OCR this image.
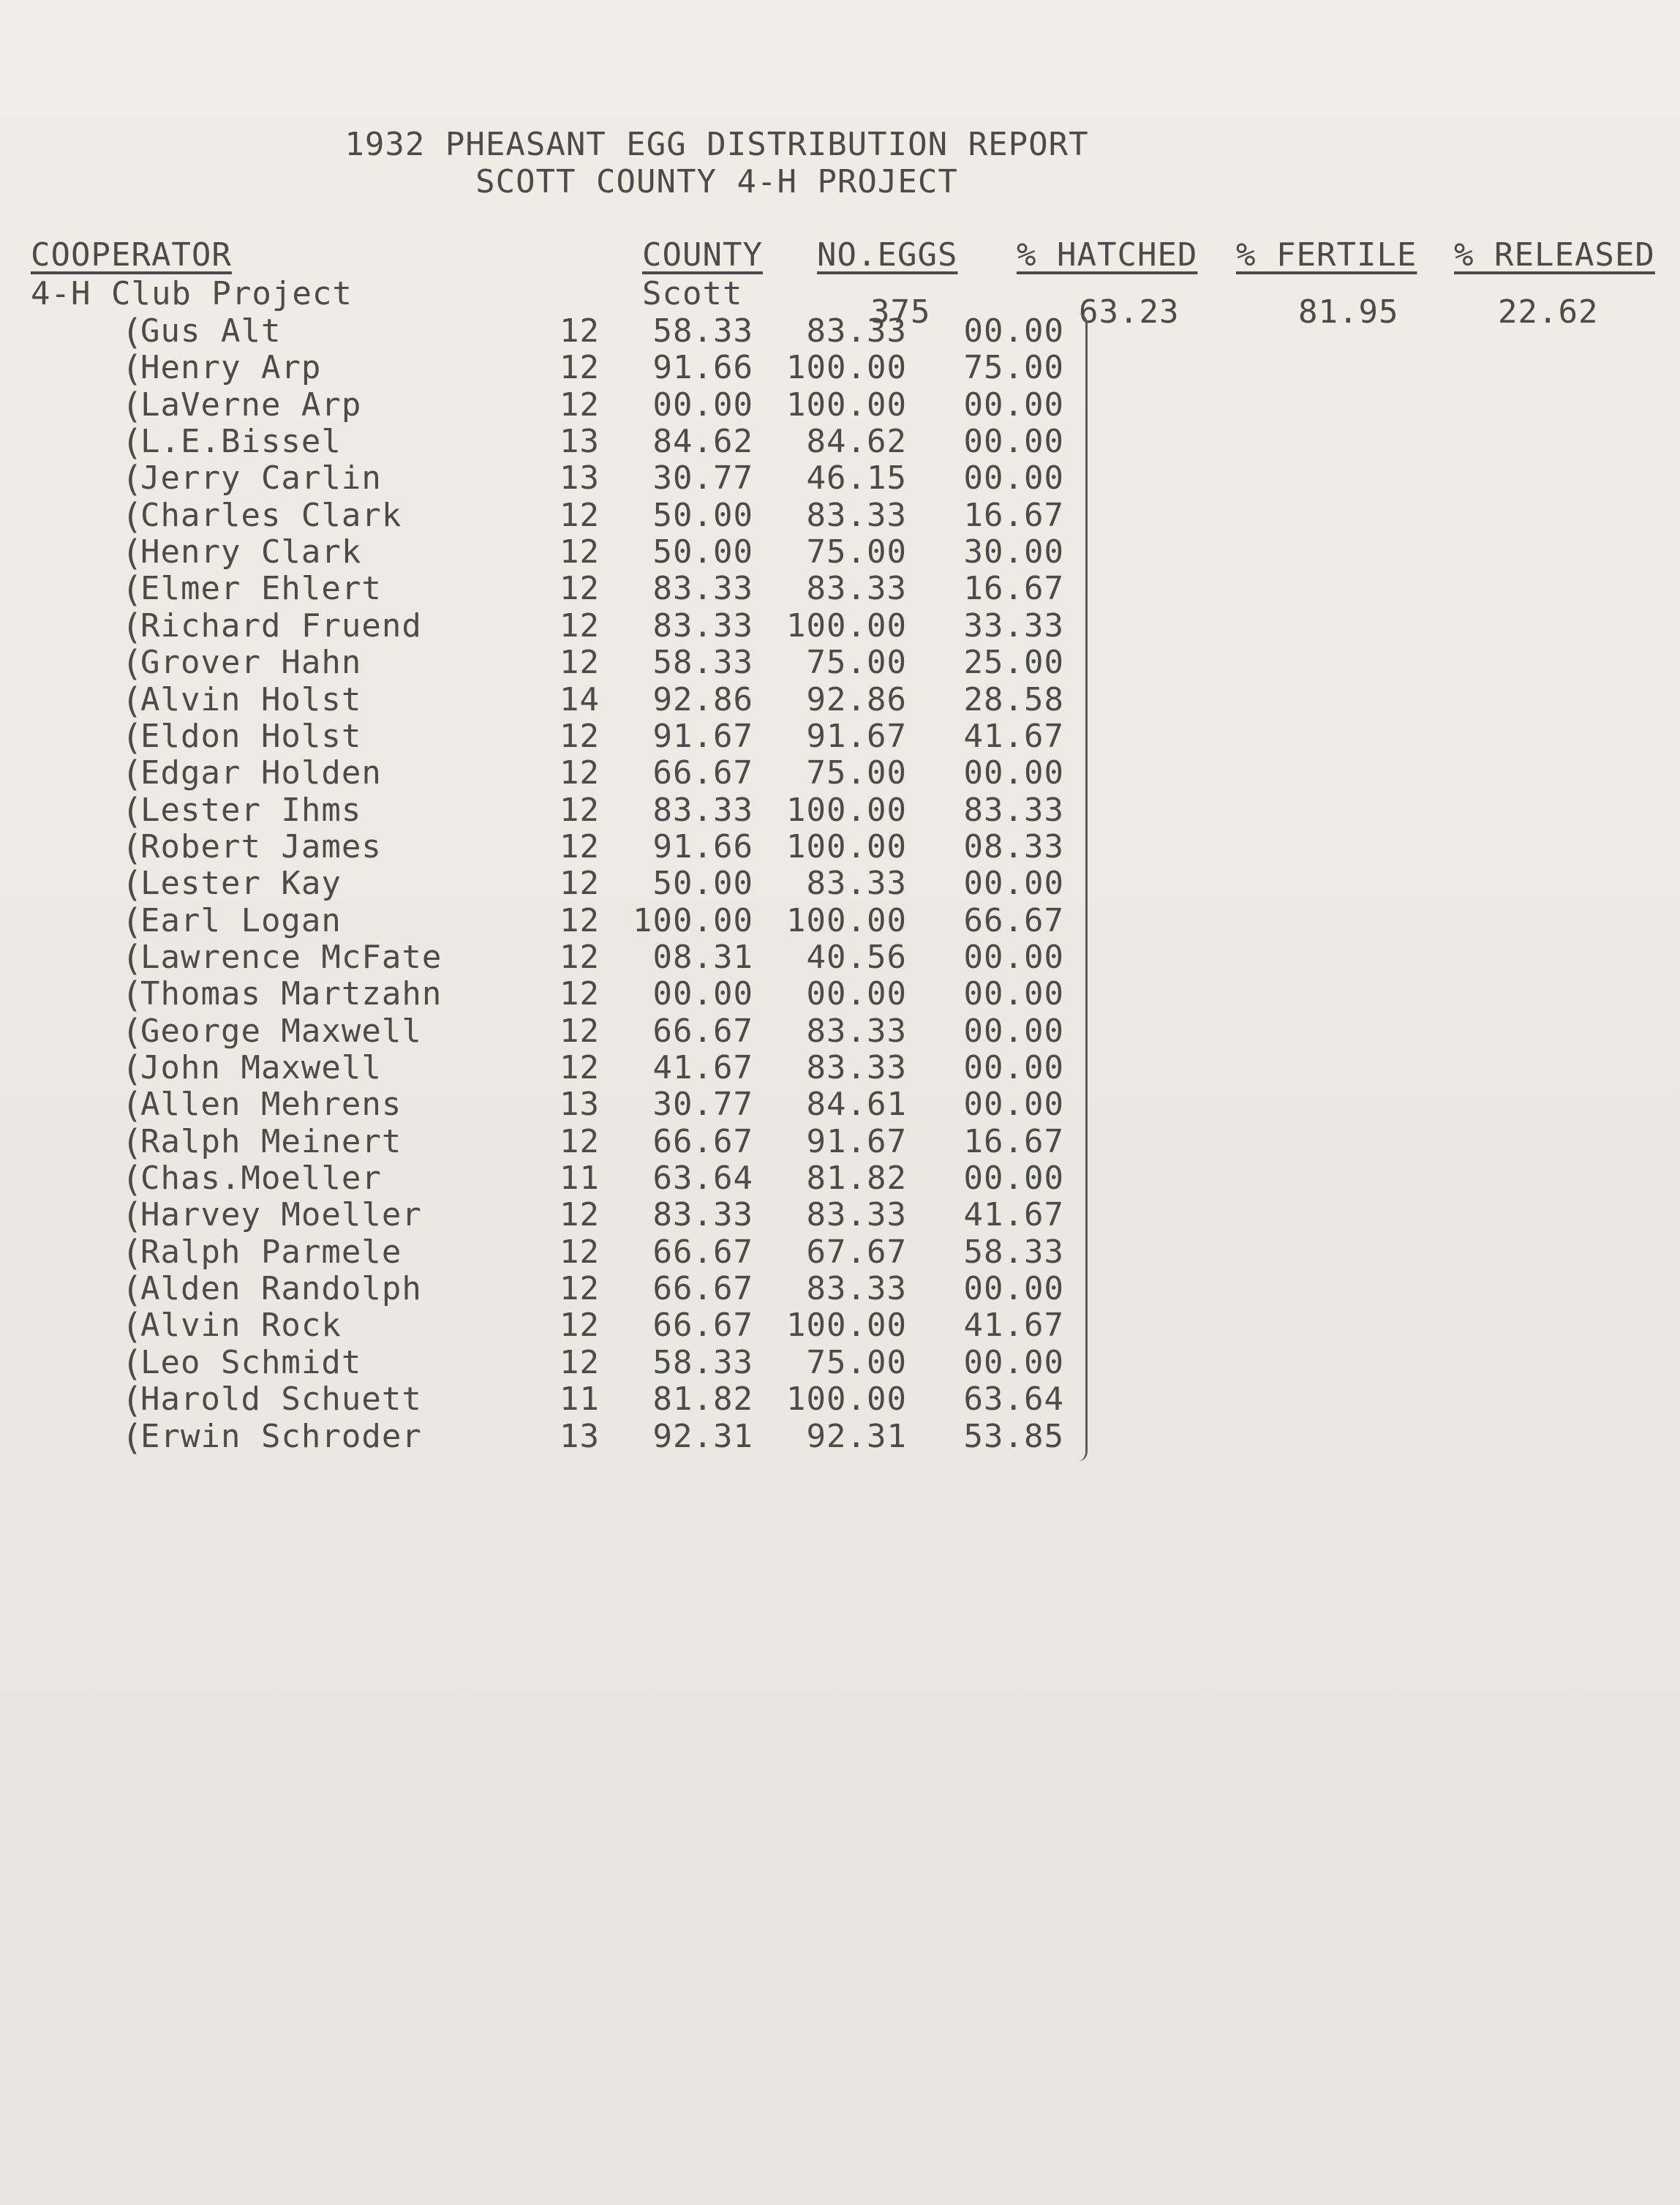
1932 PHEASANT EGG DISTRIBUTION REPORT
SCOTT COUNTY 4-H PROJECT
COOPERATOR	COUNTY NO.EGGS % HATCHED % FERTILE % RELEASED
4-H Club Project	Scott	375	63.23	81.95	22.62
(
Gus Alt	12	58.33	83.33	00.00
(
Henry Arp	12	91.66	100.00	75.00
(
LaVerne Arp	12	00.00	100.00	00.00
(
L.E.Bissel	13	84.62	84.62	00.00
(
Jerry Carlin	13	30.77	46.15	00.00
(
Charles Clark	12	50.00	83.33	16.67
(
Henry Clark	12	50.00	75.00	30.00
(
Elmer Ehlert	12	83.33	83.33	16.67
(
Richard Fruend	12	83.33	100.00	33.33
(
Grover Hahn	12	58.33	75.00	25.00
(
Alvin Holst	14	92.86	92.86	28.58
(
Eldon Holst	12	91.67	91.67	41.67
(
Edgar Holden	12	66.67	75.00	00.00
(
Lester Ihms	12	83.33	100.00	83.33
(
Robert James	12	91.66	100.00	08.33
(
Lester Kay	12	50.00	83.33	00.00
(
Earl Logan	12	100.00	100.00	66.67
(
Lawrence McFate	12	08.31	40.56	00.00
(
Thomas Martzahn	12	00.00	00.00	00.00
(
George Maxwell	12	66.67	83.33	00.00
(
John Maxwell	12	41.67	83.33	00.00
(
Allen Mehrens	13	30.77	84.61	00.00
(
Ralph Meinert	12	66.67	91.67	16.67
(
Chas.Moeller	11	63.64	81.82	00.00
(
Harvey Moeller	12	83.33	83.33	41.67
(
Ralph Parmele	12	66.67	67.67	58.33
(
Alden Randolph	12	66.67	83.33	00.00
(
Alvin Rock	12	66.67	100.00	41.67
(
Leo Schmidt	12	58.33	75.00	00.00
(
Harold Schuett	11	81.82	100.00	63.64
(
Erwin Schroder	13	92.31	92.31	53.85
